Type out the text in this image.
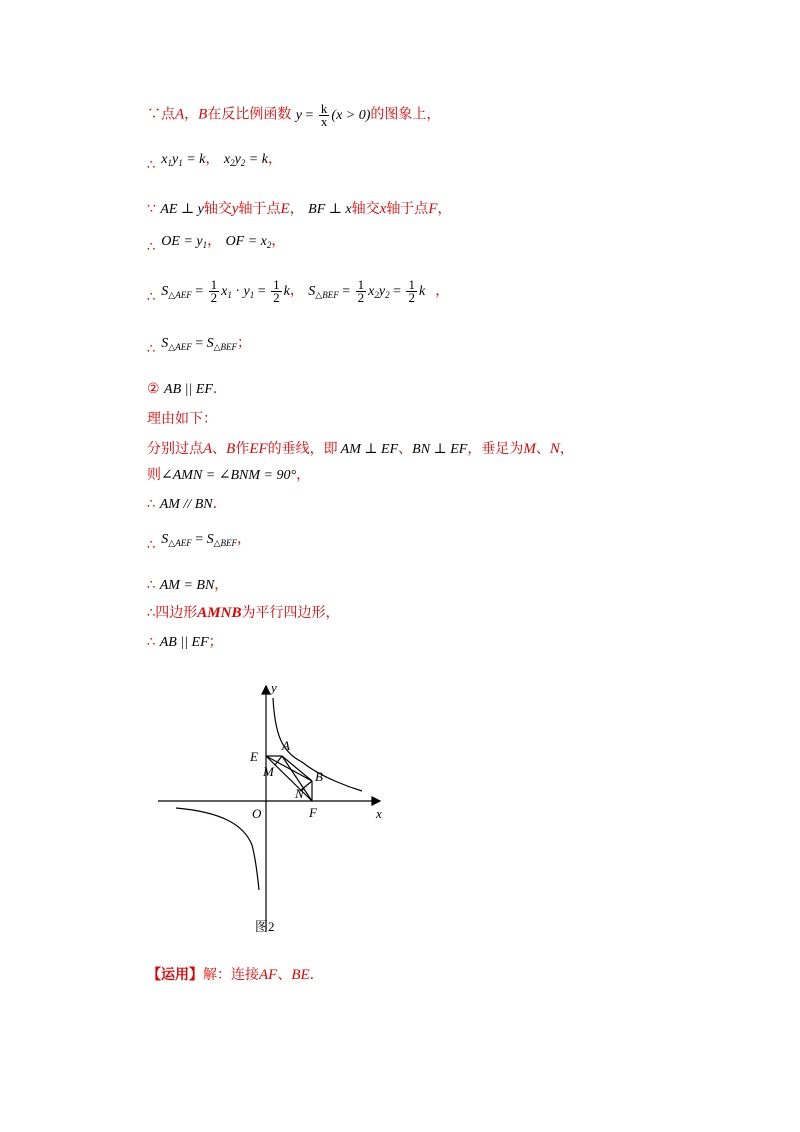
∵点A，B在反比例函数 $y = \frac{k}{x} (x > 0)$的图象上，
∴ $x_1y_1 = k$， $x_2y_2 = k$，
∵ AE ⊥ y轴交y轴于点E， BF ⊥ x轴交x轴于点F，
∴ OE = $y_1$， OF = $x_2$，
∴ $S_{\triangle AEF} = \frac{1}{2} x_1 \cdot y_1 = \frac{1}{2}$ k， $S_{\triangle BEF} = \frac{1}{2} x_2y_2 = \frac{1}{2}$ k ，
∴ $S_{\triangle AEF} = S_{\triangle BEF}$；
② AB || EF.
理由如下：
分别过点A、B作EF的垂线，即 AM ⊥ EF、BN ⊥ EF，垂足为M、N，
则∠AMN = ∠BNM = 90°，
∴ AM // BN.
∴ $S_{\triangle AEF} = S_{\triangle BEF}$，
∴ AM = BN，
∴四边形AMNB为平行四边形，
∴ AB || EF；
y
x
O
E
A
M	B
N
F
图2
【运用】解：连接AF、BE.
